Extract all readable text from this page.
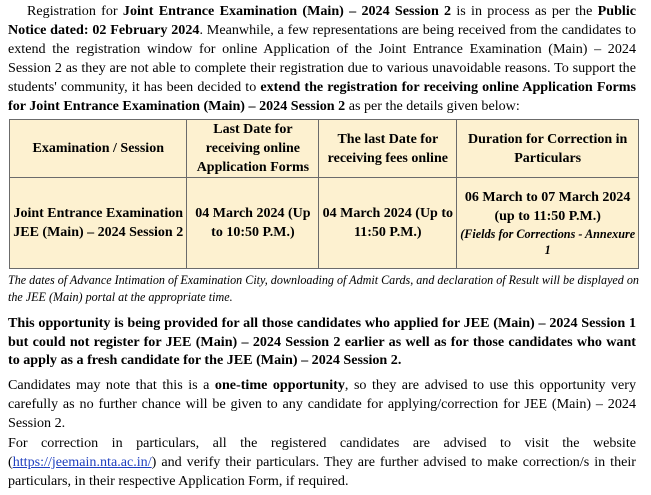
Registration for Joint Entrance Examination (Main) – 2024 Session 2 is in process as per the Public Notice dated: 02 February 2024. Meanwhile, a few representations are being received from the candidates to extend the registration window for online Application of the Joint Entrance Examination (Main) – 2024 Session 2 as they are not able to complete their registration due to various unavoidable reasons. To support the students' community, it has been decided to extend the registration for receiving online Application Forms for Joint Entrance Examination (Main) – 2024 Session 2 as per the details given below:
Examination / Session	Last Date for receiving online Application Forms	The last Date for receiving fees online	Duration for Correction in Particulars
Joint Entrance Examination JEE (Main) – 2024 Session 2	04 March 2024 (Up to 10:50 P.M.)	04 March 2024 (Up to 11:50 P.M.)	06 March to 07 March 2024
(up to 11:50 P.M.)
(Fields for Corrections - Annexure 1
The dates of Advance Intimation of Examination City, downloading of Admit Cards, and declaration of Result will be displayed on the JEE (Main) portal at the appropriate time.
This opportunity is being provided for all those candidates who applied for JEE (Main) – 2024 Session 1 but could not register for JEE (Main) – 2024 Session 2 earlier as well as for those candidates who want to apply as a fresh candidate for the JEE (Main) – 2024 Session 2.
Candidates may note that this is a one-time opportunity, so they are advised to use this opportunity very carefully as no further chance will be given to any candidate for applying/correction for JEE (Main) – 2024 Session 2.
For correction in particulars, all the registered candidates are advised to visit the website (https://jeemain.nta.ac.in/) and verify their particulars. They are further advised to make correction/s in their particulars, in their respective Application Form, if required.
